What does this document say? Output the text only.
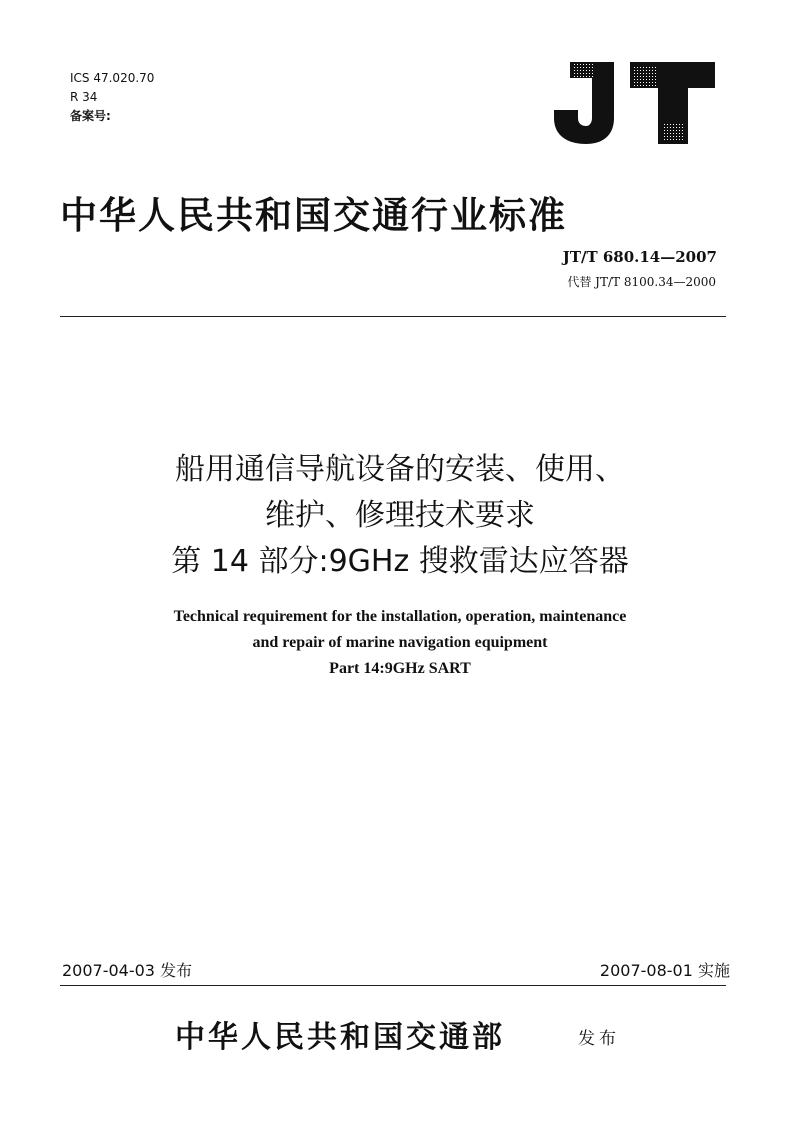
ICS 47.020.70
R 34
备案号:
JT
中华人民共和国交通行业标准
JT/T 680.14—2007
代替 JT/T 8100.34—2000
船用通信导航设备的安装、使用、
维护、修理技术要求
第 14 部分:9GHz 搜救雷达应答器
Technical requirement for the installation, operation, maintenance
and repair of marine navigation equipment
Part 14:9GHz SART
2007-04-03 发布	2007-08-01 实施
中华人民共和国交通部	发布
